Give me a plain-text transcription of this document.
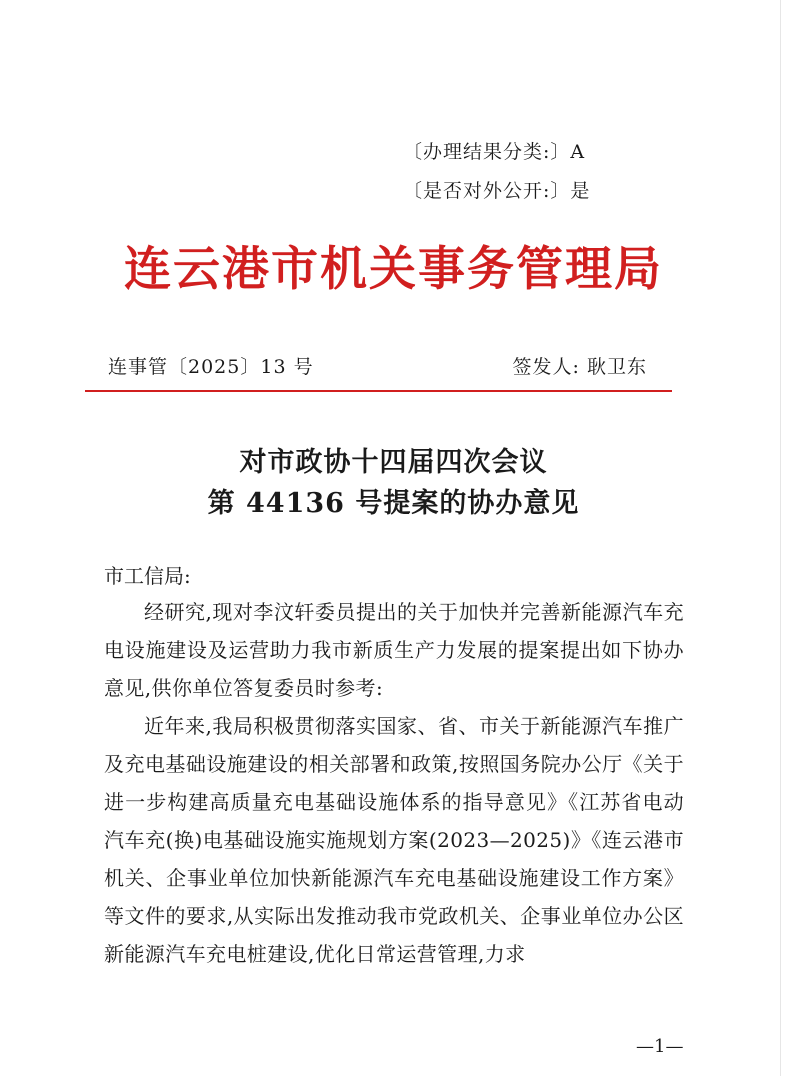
〔办理结果分类:〕A
〔是否对外公开:〕是
连云港市机关事务管理局
连事管〔2025〕13 号	签发人: 耿卫东
对市政协十四届四次会议
第 44136 号提案的协办意见
市工信局:

经研究,现对李汶轩委员提出的关于加快并完善新能源汽车充电设施建设及运营助力我市新质生产力发展的提案提出如下协办意见,供你单位答复委员时参考:

近年来,我局积极贯彻落实国家、省、市关于新能源汽车推广及充电基础设施建设的相关部署和政策,按照国务院办公厅《关于进一步构建高质量充电基础设施体系的指导意见》《江苏省电动汽车充(换)电基础设施实施规划方案(2023—2025)》《连云港市机关、企事业单位加快新能源汽车充电基础设施建设工作方案》等文件的要求,从实际出发推动我市党政机关、企事业单位办公区新能源汽车充电桩建设,优化日常运营管理,力求

—1—
